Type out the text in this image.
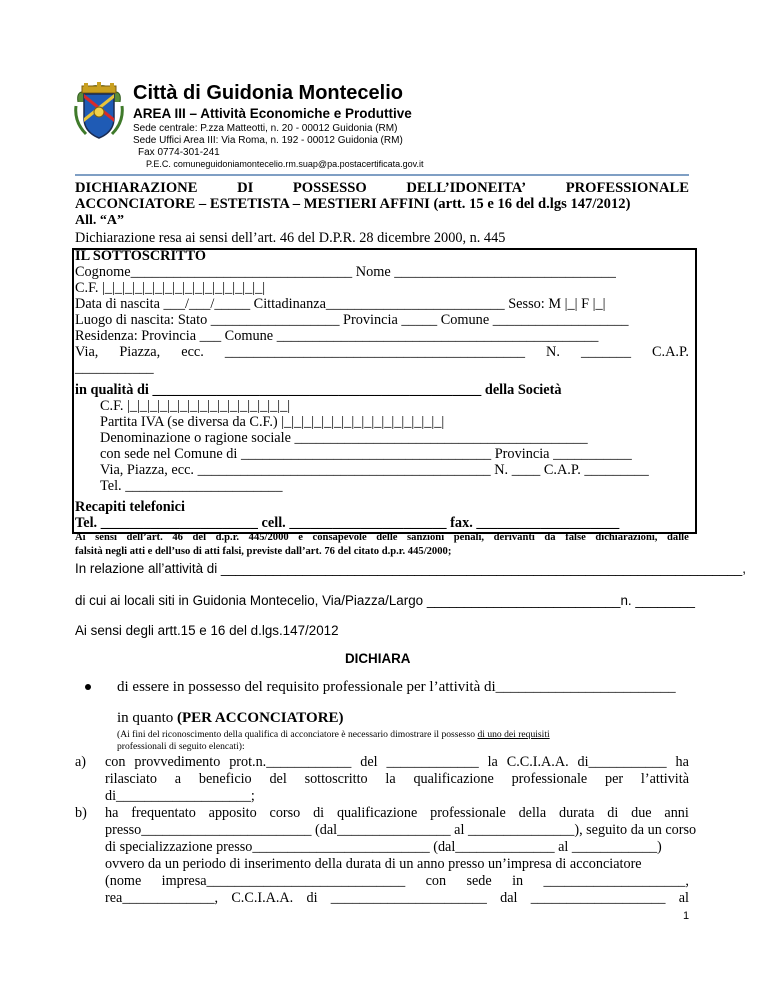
Città di Guidonia Montecelio
AREA III – Attività Economiche e Produttive
Sede centrale: P.zza Matteotti, n. 20 - 00012 Guidonia (RM)
Sede Uffici Area III: Via Roma, n. 192 - 00012 Guidonia (RM)
Fax 0774-301-241
P.E.C. comuneguidoniamontecelio.rm.suap@pa.postacertificata.gov.it
DICHIARAZIONE	DI	POSSESSO	DELL’IDONEITA’	PROFESSIONALE
ACCONCIATORE – ESTETISTA – MESTIERI AFFINI (artt. 15 e 16 del d.lgs 147/2012)
All. “A”
Dichiarazione resa ai sensi dell’art. 46 del D.P.R. 28 dicembre 2000, n. 445
IL SOTTOSCRITTO
Cognome_______________________________ Nome _______________________________
C.F. |_|_|_|_|_|_|_|_|_|_|_|_|_|_|_|_|
Data di nascita ___/___/_____ Cittadinanza_________________________ Sesso: M |_| F |_|
Luogo di nascita: Stato __________________ Provincia _____ Comune ___________________
Residenza: Provincia ___ Comune _____________________________________________
Via, Piazza, ecc. __________________________________________ N. _______ C.A.P.
___________
in qualità di ______________________________________________ della Società
C.F. |_|_|_|_|_|_|_|_|_|_|_|_|_|_|_|_|
Partita IVA (se diversa da C.F.) |_|_|_|_|_|_|_|_|_|_|_|_|_|_|_|_|
Denominazione o ragione sociale _________________________________________
con sede nel Comune di ___________________________________ Provincia ___________
Via, Piazza, ecc. _________________________________________ N. ____ C.A.P. _________
Tel. ______________________
Recapiti telefonici
Tel. ______________________ cell. ______________________ fax. ____________________
Ai sensi dell’art. 46 del d.p.r. 445/2000 e consapevole delle sanzioni penali, derivanti da false dichiarazioni, dalle
falsità negli atti e dell’uso di atti falsi, previste dall’art. 76 del citato d.p.r. 445/2000;
In relazione all’attività di ______________________________________________________________________,
di cui ai locali siti in Guidonia Montecelio, Via/Piazza/Largo __________________________n. ________
Ai sensi degli artt.15 e 16 del d.lgs.147/2012
DICHIARA
di essere in possesso del requisito professionale per l’attività di________________________
in quanto (PER ACCONCIATORE)
(Ai fini del riconoscimento della qualifica di acconciatore è necessario dimostrare il possesso di uno dei requisiti
professionali di seguito elencati):
a) con provvedimento prot.n.____________ del _____________ la C.C.I.A.A. di___________ ha
rilasciato a beneficio del sottoscritto la qualificazione professionale per l’attività
di___________________;
b) ha frequentato apposito corso di qualificazione professionale della durata di due anni
presso________________________ (dal________________ al _______________), seguito da un corso
di specializzazione presso_________________________ (dal______________ al ____________)
ovvero da un periodo di inserimento della durata di un anno presso un’impresa di acconciatore
(nome impresa____________________________ con sede in ____________________,
rea_____________, C.C.I.A.A. di ______________________ dal ___________________ al
1
